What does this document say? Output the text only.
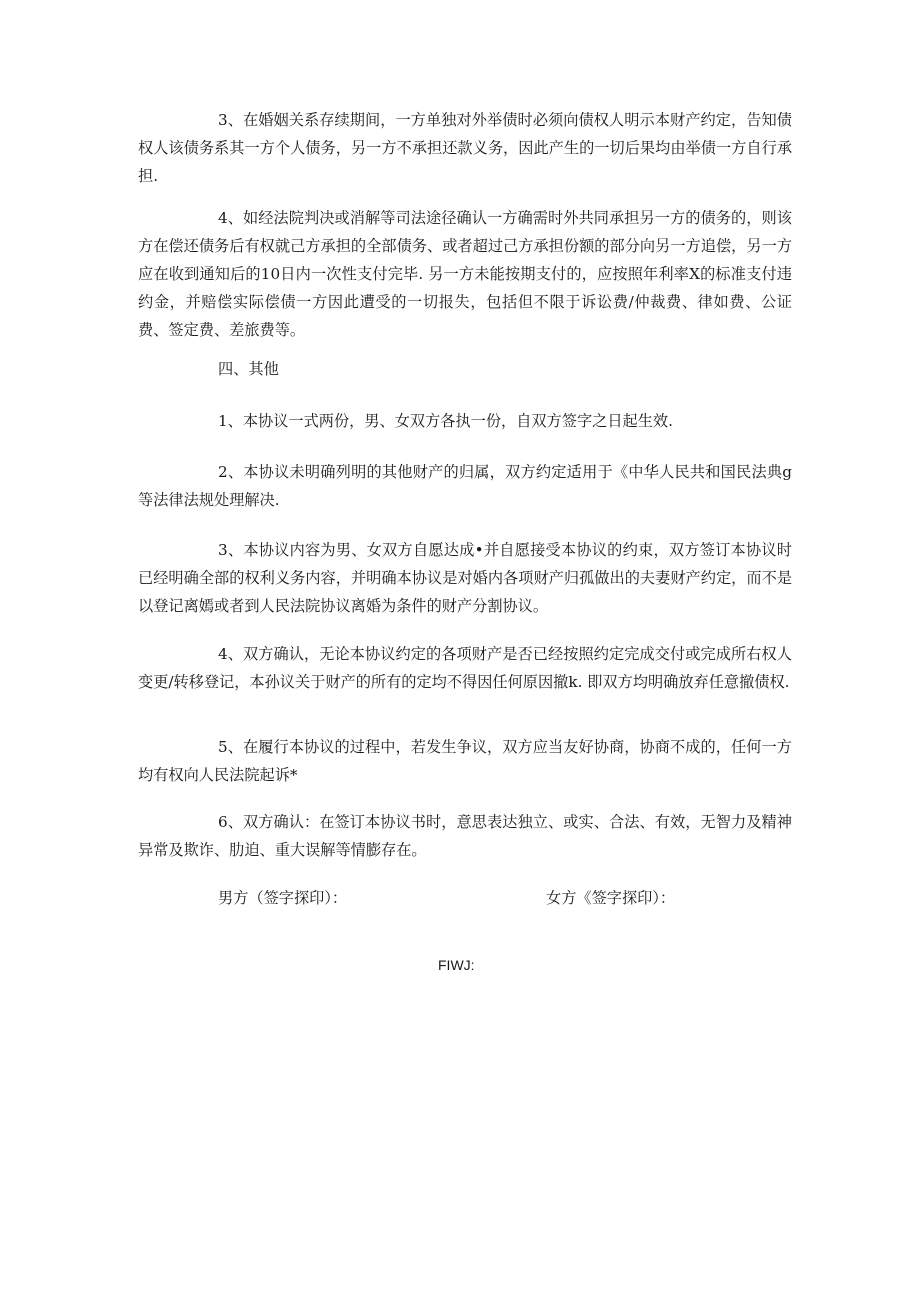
3、在婚姻关系存续期间，一方单独对外举债时必须向债权人明示本财产约定，告知债权人该债务系其一方个人债务，另一方不承担还款义务，因此产生的一切后果均由举债一方自行承担.

4、如经法院判决或消解等司法途径确认一方确需时外共同承担另一方的债务的，则该方在偿还债务后有权就己方承担的全部债务、或者超过己方承担份额的部分向另一方追偿，另一方应在收到通知后的10日内一次性支付完毕. 另一方未能按期支付的，应按照年利率X的标准支付违约金，并赔偿实际偿债一方因此遭受的一切报失，包括但不限于诉讼费/仲裁费、律如费、公证费、签定费、差旅费等。

四、其他

1、本协议一式两份，男、女双方各执一份，自双方签字之日起生效.

2、本协议未明确列明的其他财产的归属，双方约定适用于《中华人民共和国民法典g等法律法规处理解决.

3、本协议内容为男、女双方自愿达成•并自愿接受本协议的约束，双方签订本协议时已经明确全部的权利义务内容，并明确本协议是对婚内各项财产归孤做出的夫妻财产约定，而不是以登记离嫣或者到人民法院协议离婚为条件的财产分割协议。

4、双方确认，无论本协议约定的各项财产是否已经按照约定完成交付或完成所右权人变更/转移登记，本孙议关于财产的所有的定均不得因任何原因撤k. 即双方均明确放弃任意撤债权.

5、在履行本协议的过程中，若发生争议，双方应当友好协商，协商不成的，任何一方均有权向人民法院起诉*

6、双方确认：在签订本协议书时，意思表达独立、或实、合法、有效，无智力及精神异常及欺诈、肋迫、重大误解等情膨存在。

男方（签字探印）：	女方《签字探印）：

FIWJ:
